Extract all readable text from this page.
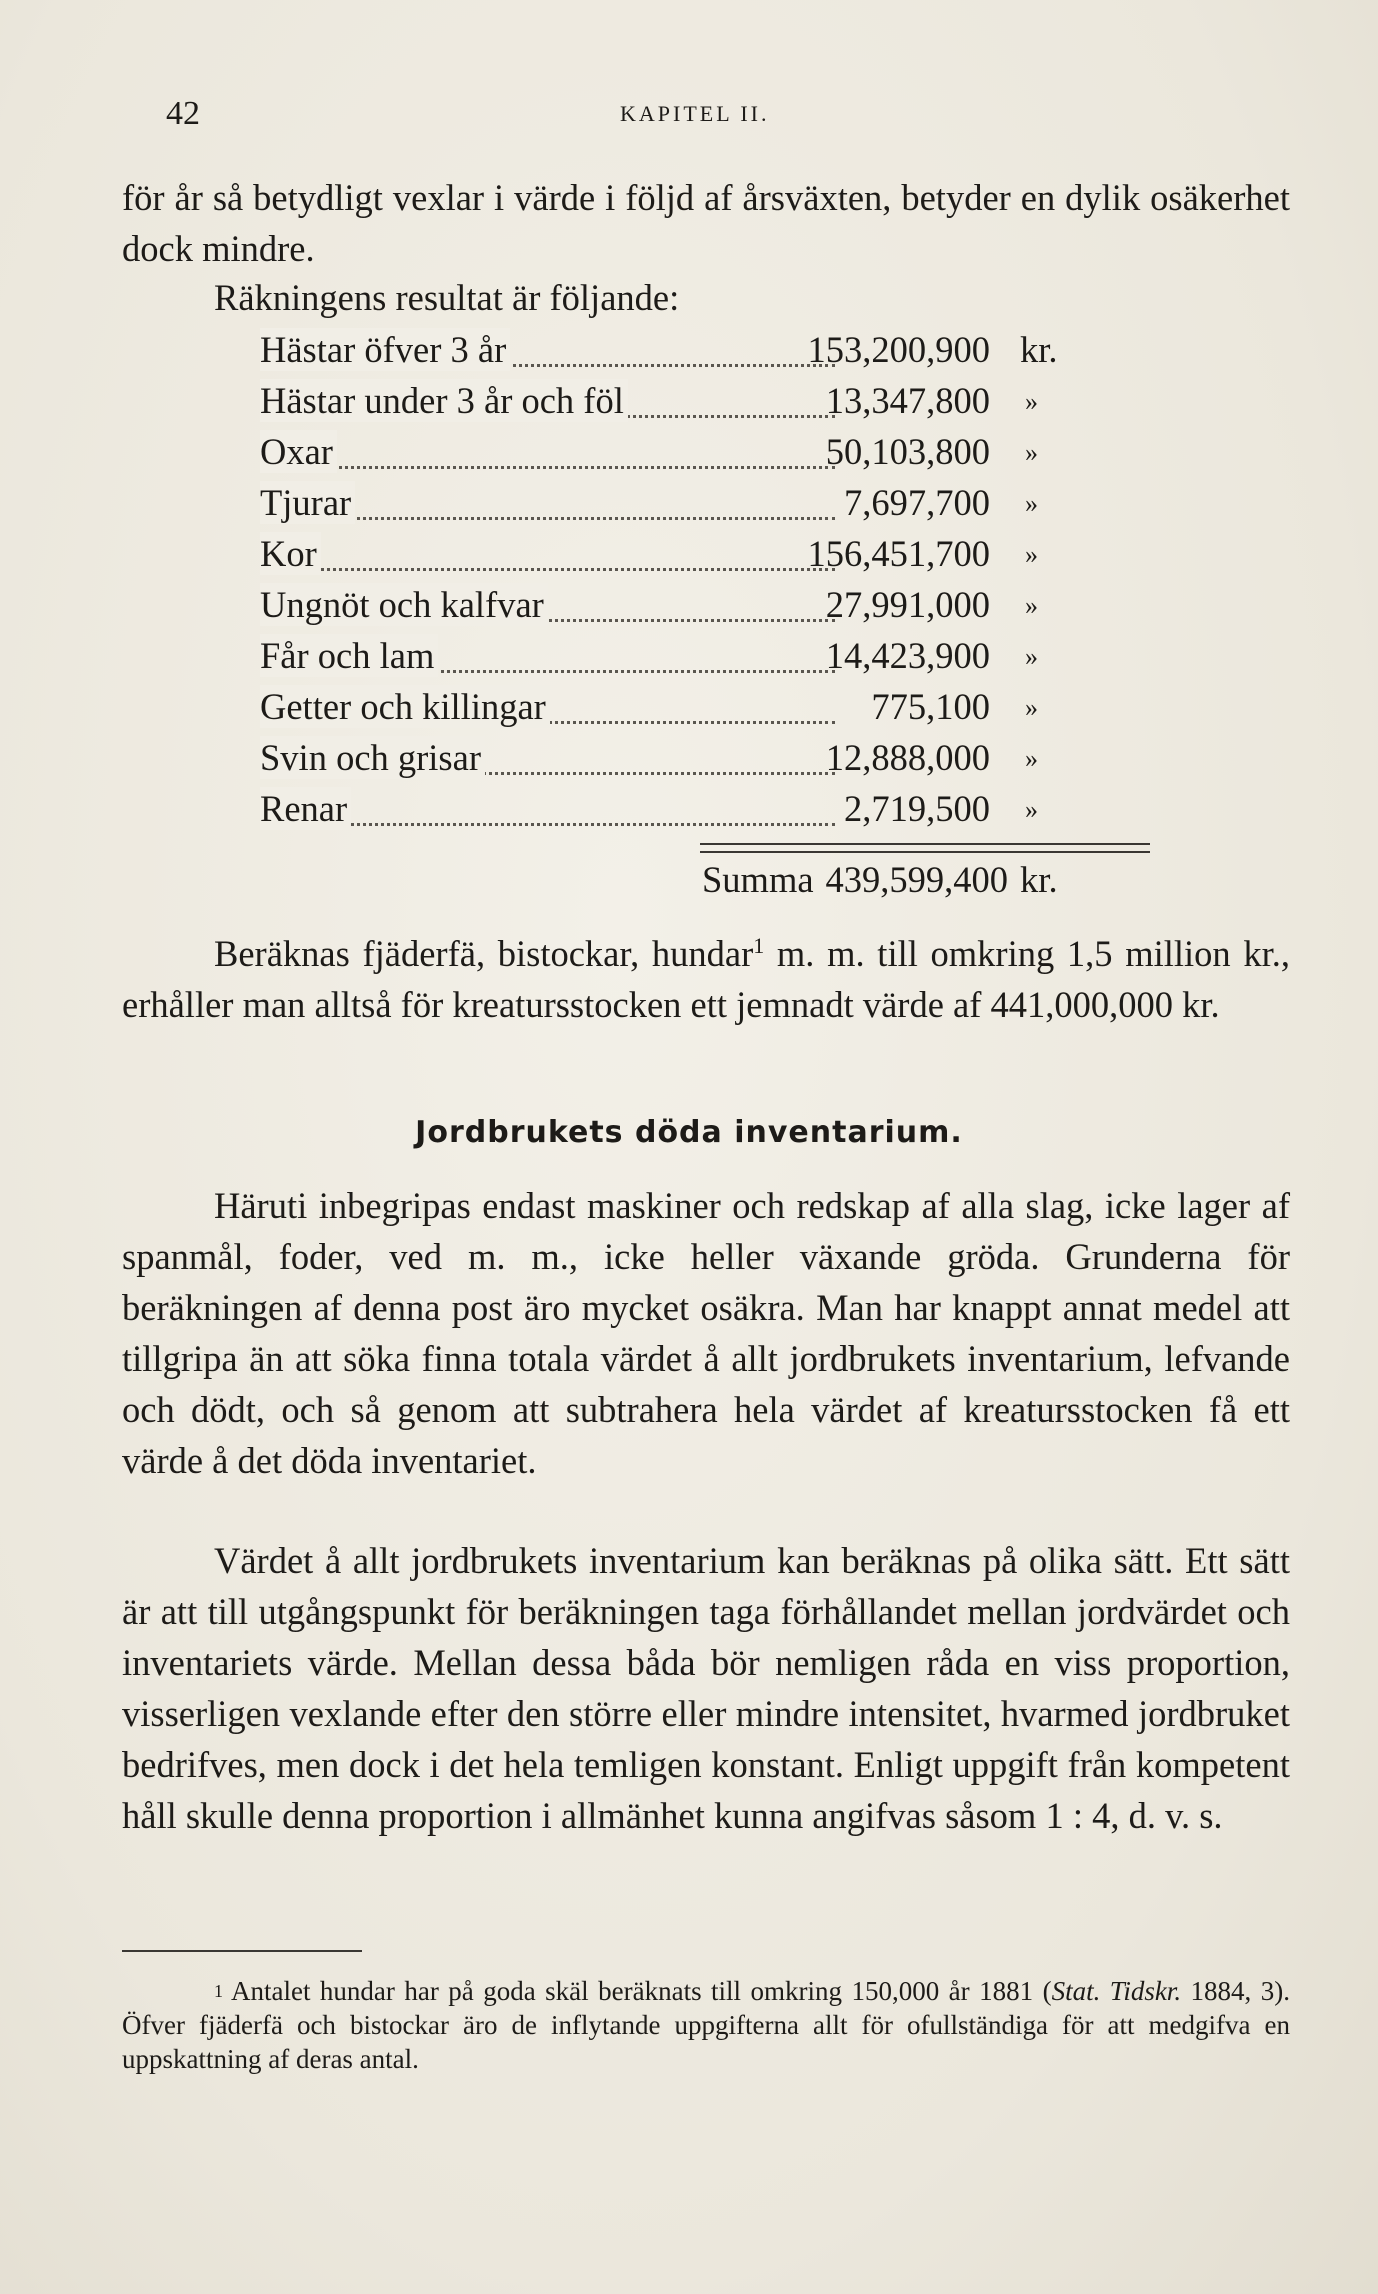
42	KAPITEL II.
för år så betydligt vexlar i värde i följd af årsväxten, betyder en dylik osäkerhet dock mindre.
Räkningens resultat är följande:
Hästar öfver 3 år	153,200,900 kr.
Hästar under 3 år och föl	13,347,800 »
Oxar	50,103,800 »
Tjurar	7,697,700 »
Kor	156,451,700 »
Ungnöt och kalfvar	27,991,000 »
Får och lam	14,423,900 »
Getter och killingar	775,100 »
Svin och grisar	12,888,000 »
Renar	2,719,500 »
Summa 439,599,400 kr.
Beräknas fjäderfä, bistockar, hundar$^1$ m. m. till omkring 1,5 million kr., erhåller man alltså för kreatursstocken ett jemnadt värde af 441,000,000 kr.
Jordbrukets döda inventarium.
Häruti inbegripas endast maskiner och redskap af alla slag, icke lager af spanmål, foder, ved m. m., icke heller växande gröda. Grunderna för beräkningen af denna post äro mycket osäkra. Man har knappt annat medel att tillgripa än att söka finna totala värdet å allt jordbrukets inventarium, lefvande och dödt, och så genom att subtrahera hela värdet af kreatursstocken få ett värde å det döda inventariet.
Värdet å allt jordbrukets inventarium kan beräknas på olika sätt. Ett sätt är att till utgångspunkt för beräkningen taga förhållandet mellan jordvärdet och inventariets värde. Mellan dessa båda bör nemligen råda en viss proportion, visserligen vexlande efter den större eller mindre intensitet, hvarmed jordbruket bedrifves, men dock i det hela temligen konstant. Enligt uppgift från kompetent håll skulle denna proportion i allmänhet kunna angifvas såsom 1 : 4, d. v. s.
$^1$ Antalet hundar har på goda skäl beräknats till omkring 150,000 år 1881 (Stat. Tidskr. 1884, 3). Öfver fjäderfä och bistockar äro de inflytande uppgifterna allt för ofullständiga för att medgifva en uppskattning af deras antal.
